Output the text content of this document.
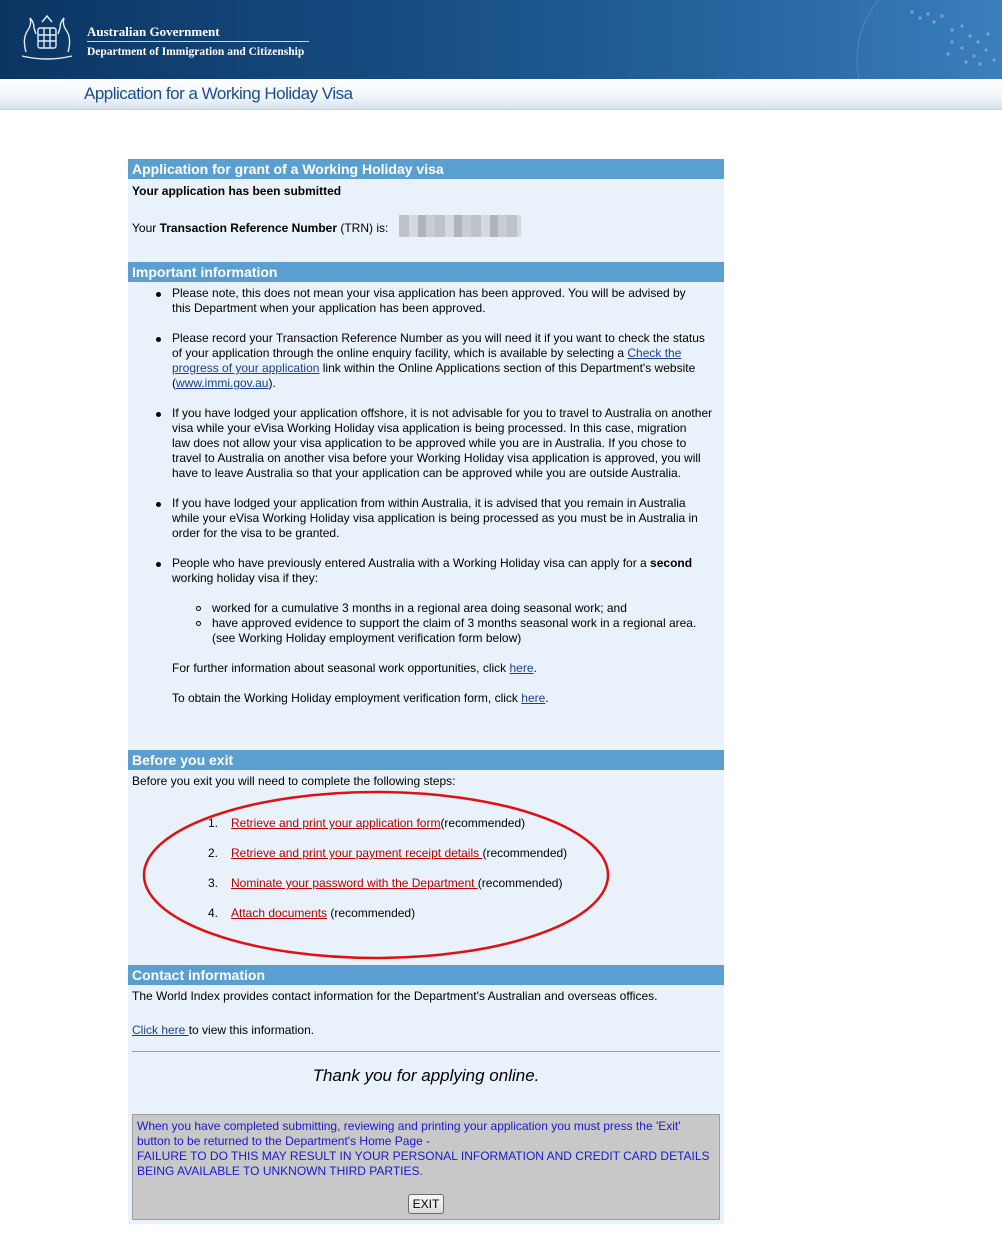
Australian Government
Department of Immigration and Citizenship
Application for a Working Holiday Visa
Application for grant of a Working Holiday visa
Your application has been submitted
Your Transaction Reference Number (TRN) is:
Important information
Please note, this does not mean your visa application has been approved. You will be advised by
this Department when your application has been approved.
Please record your Transaction Reference Number as you will need it if you want to check the status
of your application through the online enquiry facility, which is available by selecting a Check the
progress of your application link within the Online Applications section of this Department's website
(www.immi.gov.au).
If you have lodged your application offshore, it is not advisable for you to travel to Australia on another
visa while your eVisa Working Holiday visa application is being processed. In this case, migration
law does not allow your visa application to be approved while you are in Australia. If you chose to
travel to Australia on another visa before your Working Holiday visa application is approved, you will
have to leave Australia so that your application can be approved while you are outside Australia.
If you have lodged your application from within Australia, it is advised that you remain in Australia
while your eVisa Working Holiday visa application is being processed as you must be in Australia in
order for the visa to be granted.
People who have previously entered Australia with a Working Holiday visa can apply for a second
working holiday visa if they:
worked for a cumulative 3 months in a regional area doing seasonal work; and
have approved evidence to support the claim of 3 months seasonal work in a regional area.
(see Working Holiday employment verification form below)
For further information about seasonal work opportunities, click here.
To obtain the Working Holiday employment verification form, click here.
Before you exit
Before you exit you will need to complete the following steps:
1. Retrieve and print your application form(recommended)
2. Retrieve and print your payment receipt details (recommended)
3. Nominate your password with the Department (recommended)
4. Attach documents (recommended)
Contact information
The World Index provides contact information for the Department's Australian and overseas offices.
Click here to view this information.
Thank you for applying online.
When you have completed submitting, reviewing and printing your application you must press the 'Exit'
button to be returned to the Department's Home Page -
FAILURE TO DO THIS MAY RESULT IN YOUR PERSONAL INFORMATION AND CREDIT CARD DETAILS
BEING AVAILABLE TO UNKNOWN THIRD PARTIES.
EXIT
